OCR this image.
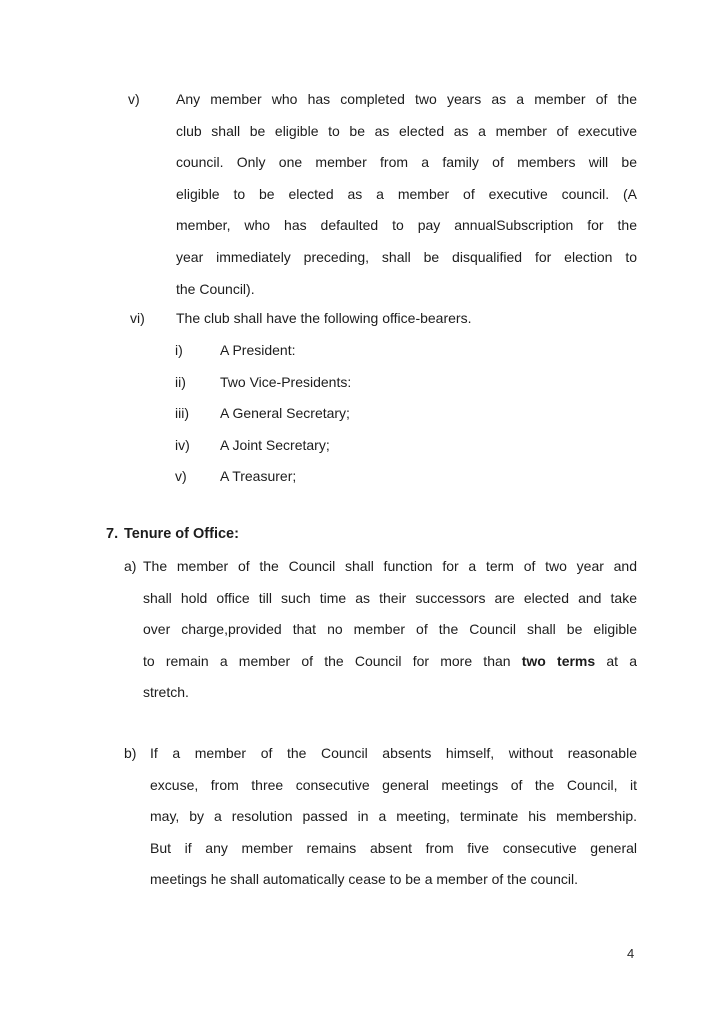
v)	Any member who has completed two years as a member of the
club shall be eligible to be as elected as a member of executive
council. Only one member from a family of members will be
eligible to be elected as a member of executive council. (A
member, who has defaulted to pay annualSubscription for the
year immediately preceding, shall be disqualified for election to
the Council).
vi) The club shall have the following office-bearers.
i)	A President:
ii) Two Vice-Presidents:
iii) A General Secretary;
iv) A Joint Secretary;
v) A Treasurer;
7. Tenure of Office:
a) The member of the Council shall function for a term of two year and
shall hold office till such time as their successors are elected and take
over charge,provided that no member of the Council shall be eligible
to remain a member of the Council for more than two terms at a
stretch.
b) If a member of the Council absents himself, without reasonable
excuse, from three consecutive general meetings of the Council, it
may, by a resolution passed in a meeting, terminate his membership.
But if any member remains absent from five consecutive general
meetings he shall automatically cease to be a member of the council.
4
